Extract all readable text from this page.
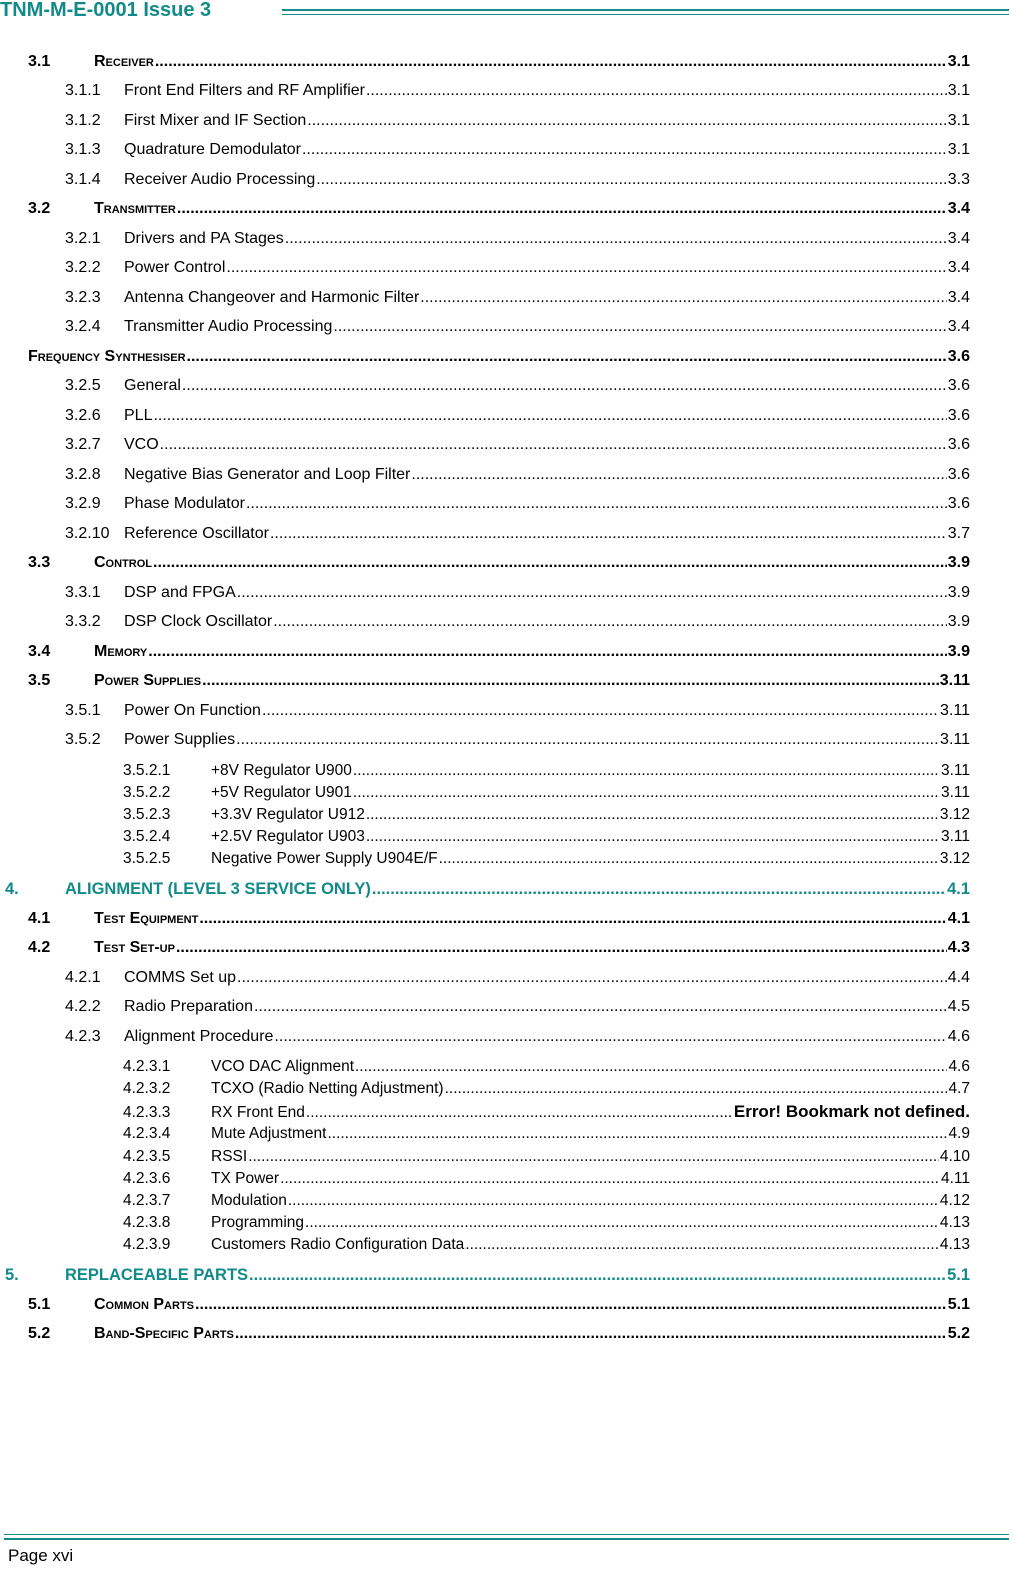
TNM-M-E-0001 Issue 3
3.1	Receiver .....	3.1
3.1.1	Front End Filters and RF Amplifier .....	3.1
3.1.2	First Mixer and IF Section .....	3.1
3.1.3	Quadrature Demodulator .....	3.1
3.1.4	Receiver Audio Processing .....	3.3
3.2	Transmitter .....	3.4
3.2.1	Drivers and PA Stages .....	3.4
3.2.2	Power Control .....	3.4
3.2.3	Antenna Changeover and Harmonic Filter .....	3.4
3.2.4	Transmitter Audio Processing .....	3.4
Frequency Synthesiser .....	3.6
3.2.5	General .....	3.6
3.2.6	PLL .....	3.6
3.2.7	VCO .....	3.6
3.2.8	Negative Bias Generator and Loop Filter .....	3.6
3.2.9	Phase Modulator .....	3.6
3.2.10 Reference Oscillator .....	3.7
3.3	Control .....	3.9
3.3.1	DSP and FPGA .....	3.9
3.3.2	DSP Clock Oscillator .....	3.9
3.4	Memory .....	3.9
3.5	Power Supplies .....	3.11
3.5.1	Power On Function .....	3.11
3.5.2	Power Supplies .....	3.11
3.5.2.1	+8V Regulator U900 .....	3.11
3.5.2.2	+5V Regulator U901 .....	3.11
3.5.2.3	+3.3V Regulator U912 .....	3.12
3.5.2.4	+2.5V Regulator U903 .....	3.11
3.5.2.5	Negative Power Supply U904E/F .....	3.12
4.	ALIGNMENT (LEVEL 3 SERVICE ONLY) .....	4.1
4.1	Test Equipment .....	4.1
4.2	Test Set-up .....	4.3
4.2.1	COMMS Set up .....	4.4
4.2.2	Radio Preparation .....	4.5
4.2.3	Alignment Procedure .....	4.6
4.2.3.1	VCO DAC Alignment .....	4.6
4.2.3.2	TCXO (Radio Netting Adjustment) .....	4.7
4.2.3.3	RX Front End .....	Error! Bookmark not defined.
4.2.3.4	Mute Adjustment .....	4.9
4.2.3.5	RSSI .....	4.10
4.2.3.6	TX Power .....	4.11
4.2.3.7	Modulation .....	4.12
4.2.3.8	Programming .....	4.13
4.2.3.9	Customers Radio Configuration Data .....	4.13
5.	REPLACEABLE PARTS .....	5.1
5.1	Common Parts .....	5.1
5.2	Band-Specific Parts .....	5.2
Page xvi
